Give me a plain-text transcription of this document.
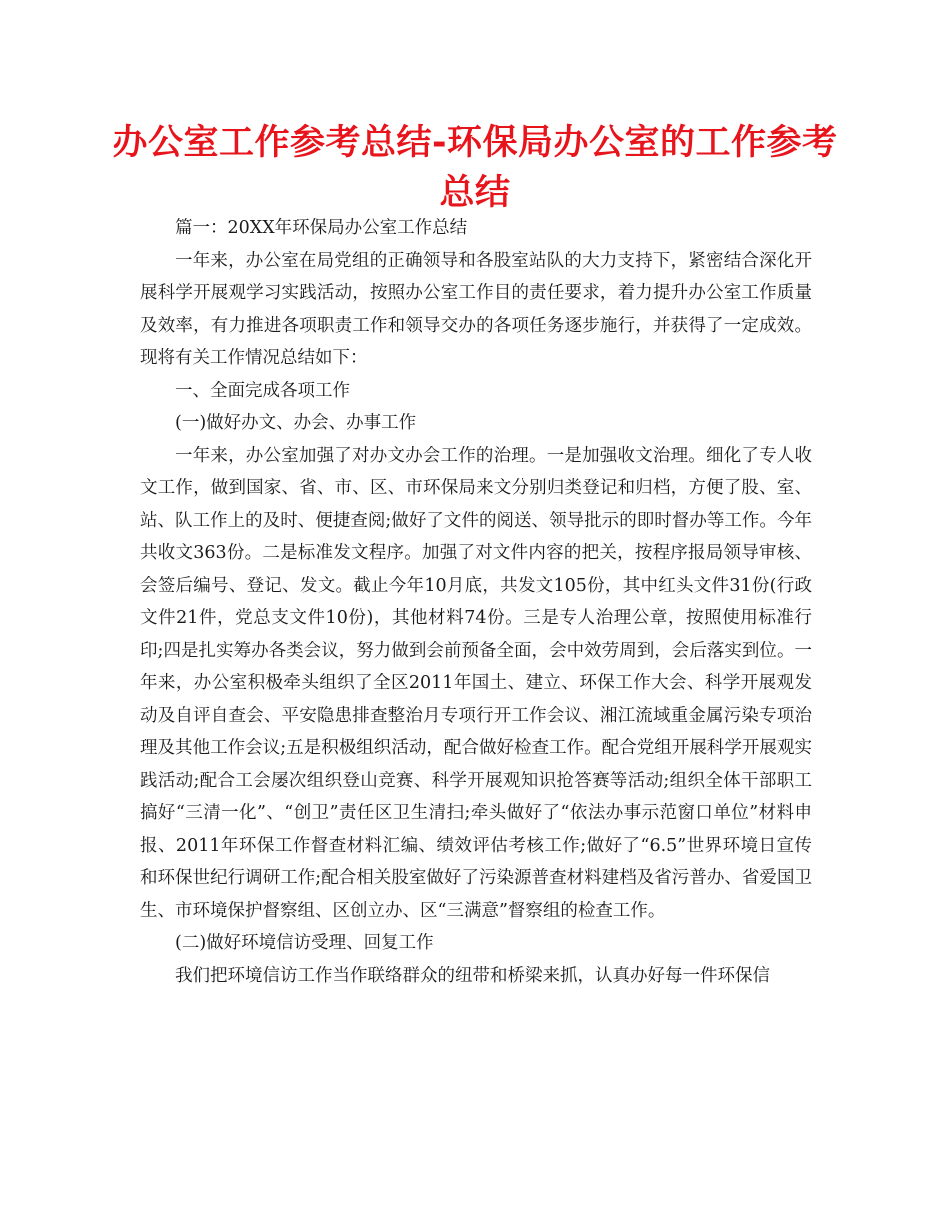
办公室工作参考总结-环保局办公室的工作参考总结

篇一：20XX年环保局办公室工作总结

一年来，办公室在局党组的正确领导和各股室站队的大力支持下，紧密结合深化开展科学开展观学习实践活动，按照办公室工作目的责任要求，着力提升办公室工作质量及效率，有力推进各项职责工作和领导交办的各项任务逐步施行，并获得了一定成效。现将有关工作情况总结如下：

一、全面完成各项工作

(一)做好办文、办会、办事工作

一年来，办公室加强了对办文办会工作的治理。一是加强收文治理。细化了专人收文工作，做到国家、省、市、区、市环保局来文分别归类登记和归档，方便了股、室、站、队工作上的及时、便捷查阅;做好了文件的阅送、领导批示的即时督办等工作。今年共收文363份。二是标准发文程序。加强了对文件内容的把关，按程序报局领导审核、会签后编号、登记、发文。截止今年10月底，共发文105份，其中红头文件31份(行政文件21件，党总支文件10份)，其他材料74份。三是专人治理公章，按照使用标准行印;四是扎实筹办各类会议，努力做到会前预备全面，会中效劳周到，会后落实到位。一年来，办公室积极牵头组织了全区2011年国土、建立、环保工作大会、科学开展观发动及自评自查会、平安隐患排查整治月专项行开工作会议、湘江流域重金属污染专项治理及其他工作会议;五是积极组织活动，配合做好检查工作。配合党组开展科学开展观实践活动;配合工会屡次组织登山竞赛、科学开展观知识抢答赛等活动;组织全体干部职工搞好“三清一化”、“创卫”责任区卫生清扫;牵头做好了“依法办事示范窗口单位”材料申报、2011年环保工作督查材料汇编、绩效评估考核工作;做好了“6.5”世界环境日宣传和环保世纪行调研工作;配合相关股室做好了污染源普查材料建档及省污普办、省爱国卫生、市环境保护督察组、区创立办、区“三满意”督察组的检查工作。

(二)做好环境信访受理、回复工作

我们把环境信访工作当作联络群众的纽带和桥梁来抓，认真办好每一件环保信
